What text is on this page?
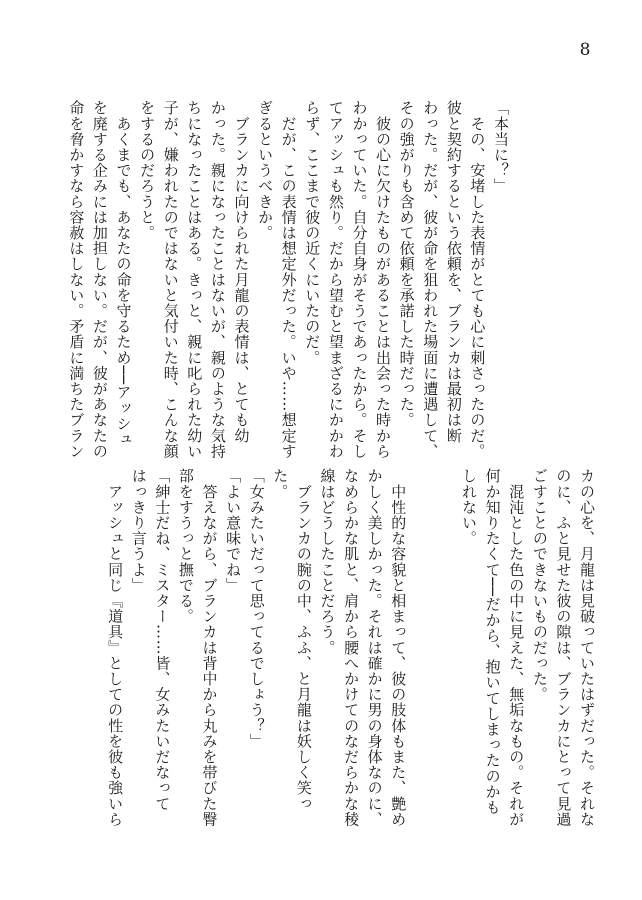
8
「本当に？」
　その、安堵した表情がとても心に刺さったのだ。
彼と契約するという依頼を、ブランカは最初は断
わった。だが、彼が命を狙われた場面に遭遇して、
その強がりも含めて依頼を承諾した時だった。
　彼の心に欠けたものがあることは出会った時から
わかっていた。自分自身がそうであったから。そし
てアッシュも然り。だから望むと望まざるにかかわ
らず、ここまで彼の近くにいたのだ。
　だが、この表情は想定外だった。いや……想定す
ぎるというべきか。
　ブランカに向けられた月龍の表情は、とても幼
かった。親になったことはないが、親のような気持
ちになったことはある。きっと、親に叱られた幼い
子が、嫌われたのではないと気付いた時、こんな顔
をするのだろうと。
　あくまでも、あなたの命を守るため──アッシュ
を廃する企みには加担しない。だが、彼があなたの
命を脅かすなら容赦はしない。矛盾に満ちたブラン
カの心を、月龍は見破っていたはずだった。それな
のに、ふと見せた彼の隙は、ブランカにとって見過
ごすことのできないものだった。
　混沌とした色の中に見えた、無垢なもの。それが
何か知りたくて──だから、抱いてしまったのかも
しれない。

　中性的な容貌と相まって、彼の肢体もまた、艶め
かしく美しかった。それは確かに男の身体なのに、
なめらかな肌と、肩から腰へかけてのなだらかな稜
線はどうしたことだろう。
　ブランカの腕の中、ふふ、と月龍は妖しく笑っ
た。
「女みたいだって思ってるでしょう？」
「よい意味でね」
　答えながら、ブランカは背中から丸みを帯びた臀
部をすうっと撫でる。
「紳士だね、ミスター……皆、女みたいだなって
はっきり言うよ」
　アッシュと同じ『道具』としての性を彼も強いら
